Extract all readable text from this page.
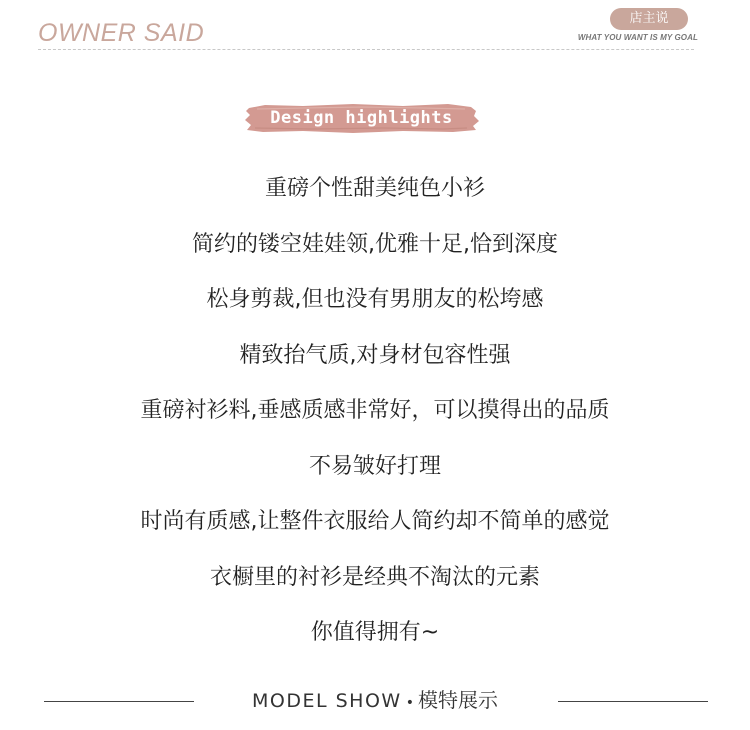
OWNER SAID
店主说
WHAT YOU WANT IS MY GOAL
Design highlights
重磅个性甜美纯色小衫
简约的镂空娃娃领,优雅十足,恰到深度
松身剪裁,但也没有男朋友的松垮感
精致抬气质,对身材包容性强
重磅衬衫料,垂感质感非常好，可以摸得出的品质
不易皱好打理
时尚有质感,让整件衣服给人简约却不简单的感觉
衣橱里的衬衫是经典不淘汰的元素
你值得拥有~
MODEL SHOW • 模特展示
